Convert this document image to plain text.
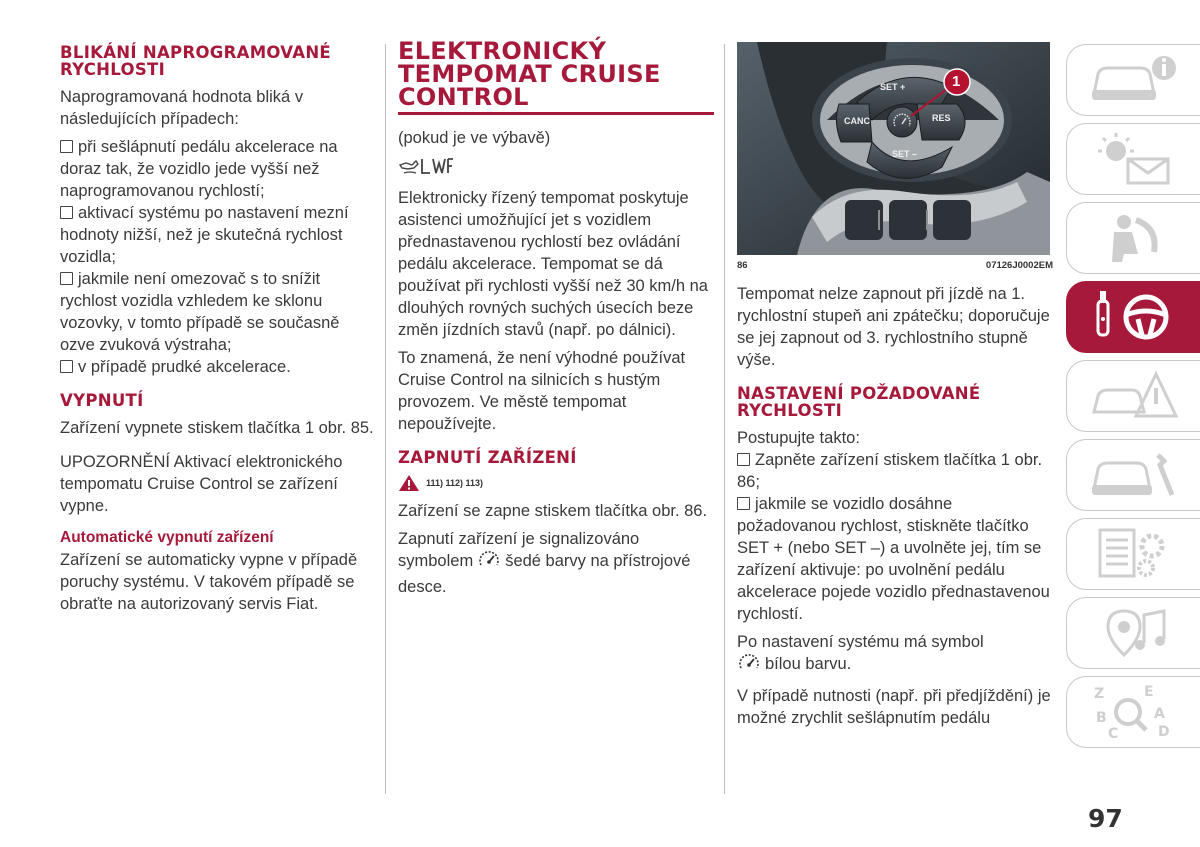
BLIKÁNÍ NAPROGRAMOVANÉ RYCHLOSTI

Naprogramovaná hodnota bliká v následujících případech:

při sešlápnutí pedálu akcelerace na doraz tak, že vozidlo jede vyšší než naprogramovanou rychlostí;

aktivací systému po nastavení mezní hodnoty nižší, než je skutečná rychlost vozidla;

jakmile není omezovač s to snížit rychlost vozidla vzhledem ke sklonu vozovky, v tomto případě se současně ozve zvuková výstraha;

v případě prudké akcelerace.

VYPNUTÍ

Zařízení vypnete stiskem tlačítka 1 obr. 85.

UPOZORNĚNÍ Aktivací elektronického tempomatu Cruise Control se zařízení vypne.

Automatické vypnutí zařízení

Zařízení se automaticky vypne v případě poruchy systému. V takovém případě se obraťte na autorizovaný servis Fiat.

ELEKTRONICKÝ TEMPOMAT CRUISE CONTROL

(pokud je ve výbavě)

Elektronicky řízený tempomat poskytuje asistenci umožňující jet s vozidlem přednastavenou rychlostí bez ovládání pedálu akcelerace. Tempomat se dá používat při rychlosti vyšší než 30 km/h na dlouhých rovných suchých úsecích beze změn jízdních stavů (např. po dálnici).

To znamená, že není výhodné používat Cruise Control na silnicích s hustým provozem. Ve městě tempomat nepoužívejte.

ZAPNUTÍ ZAŘÍZENÍ
111) 112) 113)

Zařízení se zapne stiskem tlačítka obr. 86.

Zapnutí zařízení je signalizováno symbolem šedé barvy na přístrojové desce.

1
SET +
CANC	RES
SET –
86	07126J0002EM

Tempomat nelze zapnout při jízdě na 1. rychlostní stupeň ani zpátečku; doporučuje se jej zapnout od 3. rychlostního stupně výše.

NASTAVENÍ POŽADOVANÉ RYCHLOSTI

Postupujte takto:

Zapněte zařízení stiskem tlačítka 1 obr. 86;

jakmile se vozidlo dosáhne požadovanou rychlost, stiskněte tlačítko SET + (nebo SET –) a uvolněte jej, tím se zařízení aktivuje: po uvolnění pedálu akcelerace pojede vozidlo přednastavenou rychlostí.

Po nastavení systému má symbol
bílou barvu.

V případě nutnosti (např. při předjíždění) je možné zrychlit sešlápnutím pedálu

Z	E
B	A
C	D
97
